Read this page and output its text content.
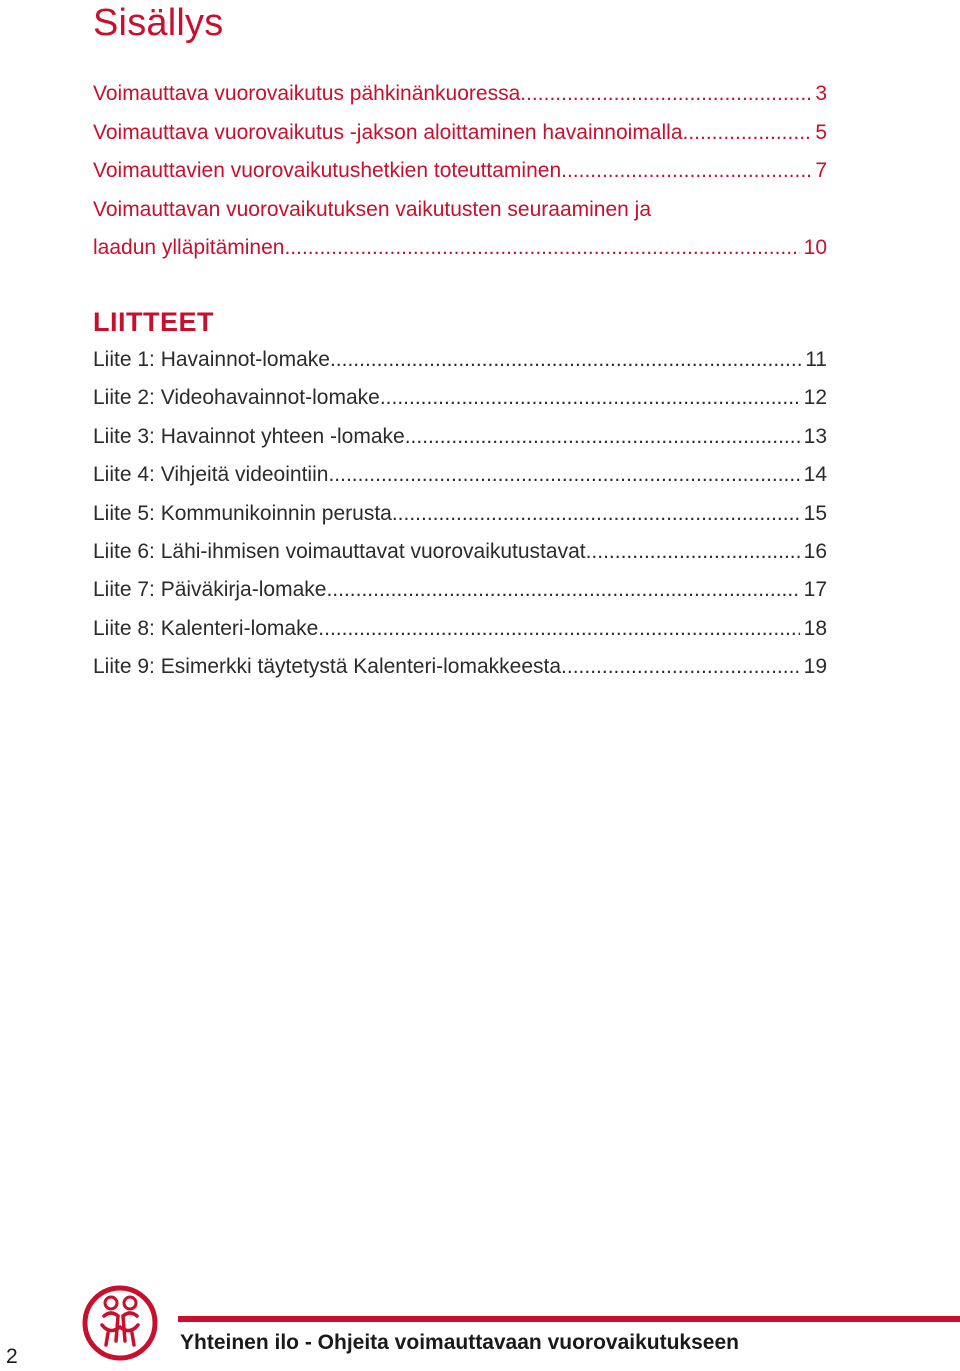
Sisällys
Voimauttava vuorovaikutus pähkinänkuoressa .....	3
Voimauttava vuorovaikutus -jakson aloittaminen havainnoimalla .....	5
Voimauttavien vuorovaikutushetkien toteuttaminen .....	7
Voimauttavan vuorovaikutuksen vaikutusten seuraaminen ja
laadun ylläpitäminen .....	10
LIITTEET
Liite 1: Havainnot-lomake .....	11
Liite 2: Videohavainnot-lomake .....	12
Liite 3: Havainnot yhteen -lomake .....	13
Liite 4: Vihjeitä videointiin .....	14
Liite 5: Kommunikoinnin perusta .....	15
Liite 6: Lähi-ihmisen voimauttavat vuorovaikutustavat .....	16
Liite 7: Päiväkirja-lomake .....	17
Liite 8: Kalenteri-lomake .....	18
Liite 9: Esimerkki täytetystä Kalenteri-lomakkeesta .....	19
Yhteinen ilo - Ohjeita voimauttavaan vuorovaikutukseen
2
